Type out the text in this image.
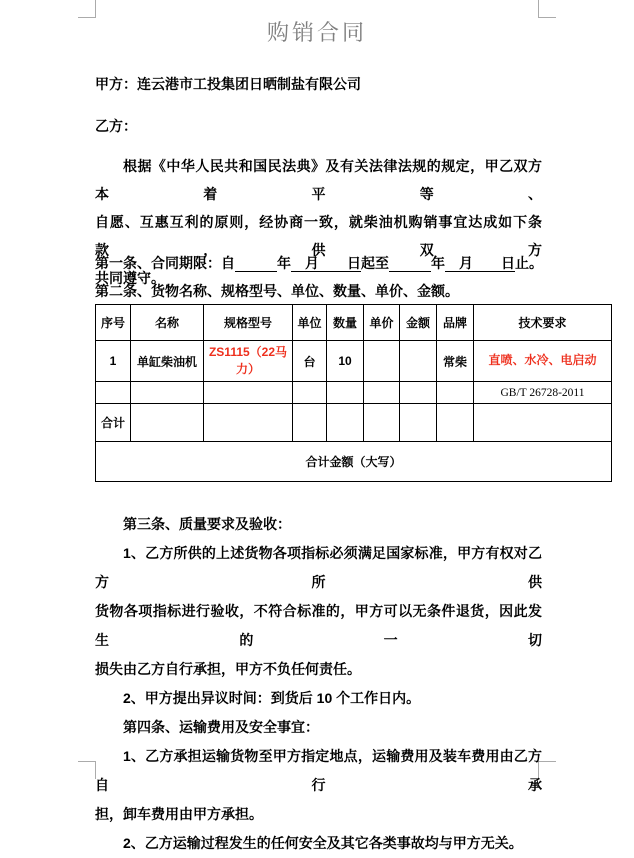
购销合同
甲方：连云港市工投集团日晒制盐有限公司
乙方：
根据《中华人民共和国民法典》及有关法律法规的规定，甲乙双方本着平等、
自愿、互惠互利的原则，经协商一致，就柴油机购销事宜达成如下条款，供双方
共同遵守。
第一条、合同期限：自　　　	年　月　　日起至　　　	年　月　　日止。
第二条、货物名称、规格型号、单位、数量、单价、金额。
序号	名称	规格型号	单位	数量	单价	金额	品牌	技术要求
1	单缸柴油机	ZS1115（22马力）	台	10			常柴	直喷、水冷、电启动
								GB/T 26728-2011
合计								
合计金额（大写）								
第三条、质量要求及验收：
1、乙方所供的上述货物各项指标必须满足国家标准，甲方有权对乙方所供
货物各项指标进行验收，不符合标准的，甲方可以无条件退货，因此发生的一切
损失由乙方自行承担，甲方不负任何责任。
2、甲方提出异议时间：到货后 10 个工作日内。
第四条、运输费用及安全事宜：
1、乙方承担运输货物至甲方指定地点，运输费用及装车费用由乙方自行承
担，卸车费用由甲方承担。
2、乙方运输过程发生的任何安全及其它各类事故均与甲方无关。
